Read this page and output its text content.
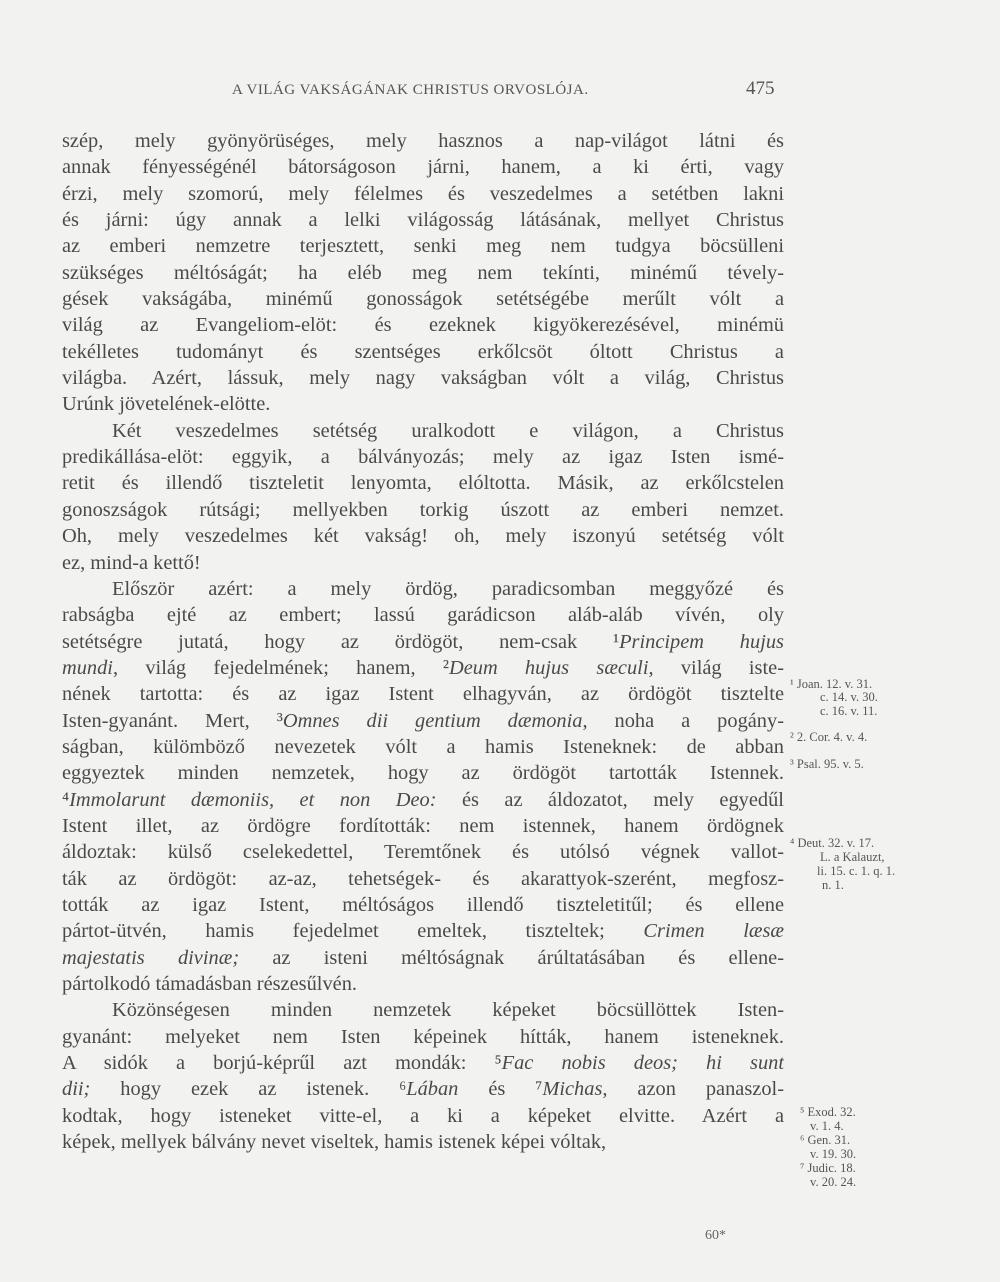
A VILÁG VAKSÁGÁNAK CHRISTUS ORVOSLÓJA.	475
szép, mely gyönyörüséges, mely hasznos a nap-világot látni és
annak fényességénél bátorságoson járni, hanem, a ki érti, vagy
érzi, mely szomorú, mely félelmes és veszedelmes a setétben lakni
és járni: úgy annak a lelki világosság látásának, mellyet Christus
az emberi nemzetre terjesztett, senki meg nem tudgya böcsülleni
szükséges méltóságát; ha eléb meg nem tekínti, minémű tévely-
gések vakságába, minémű gonosságok setétségébe merűlt vólt a
világ az Evangeliom-elöt: és ezeknek kigyökerezésével, minémü
tekélletes tudományt és szentséges erkőlcsöt óltott Christus a
világba. Azért, lássuk, mely nagy vakságban vólt a világ, Christus
Urúnk jövetelének-elötte.
Két veszedelmes setétség uralkodott e világon, a Christus
predikállása-elöt: eggyik, a bálványozás; mely az igaz Isten ismé-
retit és illendő tiszteletit lenyomta, elóltotta. Másik, az erkőlcstelen
gonoszságok rútsági; mellyekben torkig úszott az emberi nemzet.
Oh, mely veszedelmes két vakság! oh, mely iszonyú setétség vólt
ez, mind-a kettő!
Először azért: a mely ördög, paradicsomban meggyőzé és
rabságba ejté az embert; lassú garádicson aláb-aláb vívén, oly
setétségre jutatá, hogy az ördögöt, nem-csak ¹Principem hujus
mundi, világ fejedelmének; hanem, ²Deum hujus sæculi, világ iste-
nének tartotta: és az igaz Istent elhagyván, az ördögöt tisztelte
Isten-gyanánt. Mert, ³Omnes dii gentium dæmonia, noha a pogány-
ságban, külömböző nevezetek vólt a hamis Isteneknek: de abban
eggyeztek minden nemzetek, hogy az ördögöt tartották Istennek.
⁴Immolarunt dæmoniis, et non Deo: és az áldozatot, mely egyedűl
Istent illet, az ördögre fordították: nem istennek, hanem ördögnek
áldoztak: külső cselekedettel, Teremtőnek és utólsó végnek vallot-
ták az ördögöt: az-az, tehetségek- és akarattyok-szerént, megfosz-
tották az igaz Istent, méltóságos illendő tiszteletitűl; és ellene
pártot-ütvén, hamis fejedelmet emeltek, tiszteltek; Crimen læsæ
majestatis divinæ; az isteni méltóságnak árúltatásában és ellene-
pártolkodó támadásban részesűlvén.
Közönségesen minden nemzetek képeket böcsüllöttek Isten-
gyanánt: melyeket nem Isten képeinek hítták, hanem isteneknek.
A sidók a borjú-képrűl azt mondák: ⁵Fac nobis deos; hi sunt
dii; hogy ezek az istenek. ⁶Lában és ⁷Michas, azon panaszol-
kodtak, hogy isteneket vitte-el, a ki a képeket elvitte. Azért a
képek, mellyek bálvány nevet viseltek, hamis istenek képei vóltak,
¹ Joan. 12. v. 31.
c. 14. v. 30.
c. 16. v. 11.
² 2. Cor. 4. v. 4.
³ Psal. 95. v. 5.
⁴ Deut. 32. v. 17.
L. a Kalauzt,
li. 15. c. 1. q. 1.
n. 1.
⁵ Exod. 32.
v. 1. 4.
⁶ Gen. 31.
v. 19. 30.
⁷ Judic. 18.
v. 20. 24.
60*
